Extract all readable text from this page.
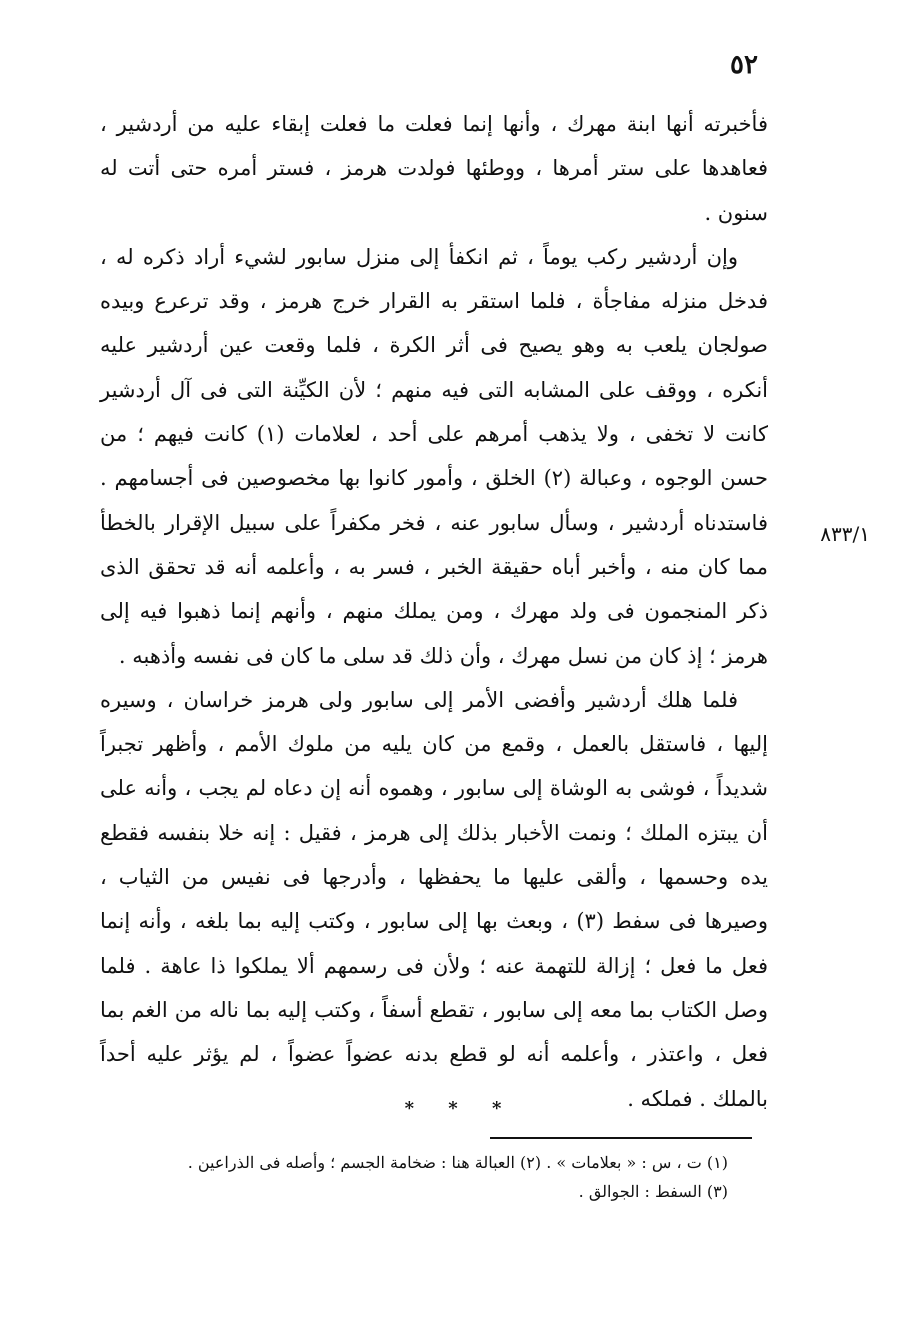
٥٢

فأخبرته أنها ابنة مهرك ، وأنها إنما فعلت ما فعلت إبقاء عليه من أردشير ، فعاهدها على ستر أمرها ، ووطئها فولدت هرمز ، فستر أمره حتى أتت له سنون .

وإن أردشير ركب يوماً ، ثم انكفأ إلى منزل سابور لشيء أراد ذكره له ، فدخل منزله مفاجأة ، فلما استقر به القرار خرج هرمز ، وقد ترعرع وبيده صولجان يلعب به وهو يصيح فى أثر الكرة ، فلما وقعت عين أردشير عليه أنكره ، ووقف على المشابه التى فيه منهم ؛ لأن الكيِّنة التى فى آل أردشير كانت لا تخفى ، ولا يذهب أمرهم على أحد ، لعلامات (١) كانت فيهم ؛ من حسن الوجوه ، وعبالة (٢) الخلق ، وأمور كانوا بها مخصوصين فى أجسامهم . فاستدناه أردشير ، وسأل سابور عنه ، فخر مكفراً على سبيل الإقرار بالخطأ مما كان منه ، وأخبر أباه حقيقة الخبر ، فسر به ، وأعلمه أنه قد تحقق الذى ذكر المنجمون فى ولد مهرك ، ومن يملك منهم ، وأنهم إنما ذهبوا فيه إلى هرمز ؛ إذ كان من نسل مهرك ، وأن ذلك قد سلى ما كان فى نفسه وأذهبه .

فلما هلك أردشير وأفضى الأمر إلى سابور ولى هرمز خراسان ، وسيره إليها ، فاستقل بالعمل ، وقمع من كان يليه من ملوك الأمم ، وأظهر تجبراً شديداً ، فوشى به الوشاة إلى سابور ، وهموه أنه إن دعاه لم يجب ، وأنه على أن يبتزه الملك ؛ ونمت الأخبار بذلك إلى هرمز ، فقيل : إنه خلا بنفسه فقطع يده وحسمها ، وألقى عليها ما يحفظها ، وأدرجها فى نفيس من الثياب ، وصيرها فى سفط (٣) ، وبعث بها إلى سابور ، وكتب إليه بما بلغه ، وأنه إنما فعل ما فعل ؛ إزالة للتهمة عنه ؛ ولأن فى رسمهم ألا يملكوا ذا عاهة . فلما وصل الكتاب بما معه إلى سابور ، تقطع أسفاً ، وكتب إليه بما ناله من الغم بما فعل ، واعتذر ، وأعلمه أنه لو قطع بدنه عضواً عضواً ، لم يؤثر عليه أحداً بالملك . فملكه .

٨٣٣/١
* * *

(١) ت ، س : « بعلامات » . (٢) العبالة هنا : ضخامة الجسم ؛ وأصله فى الذراعين .

(٣) السفط : الجوالق .
